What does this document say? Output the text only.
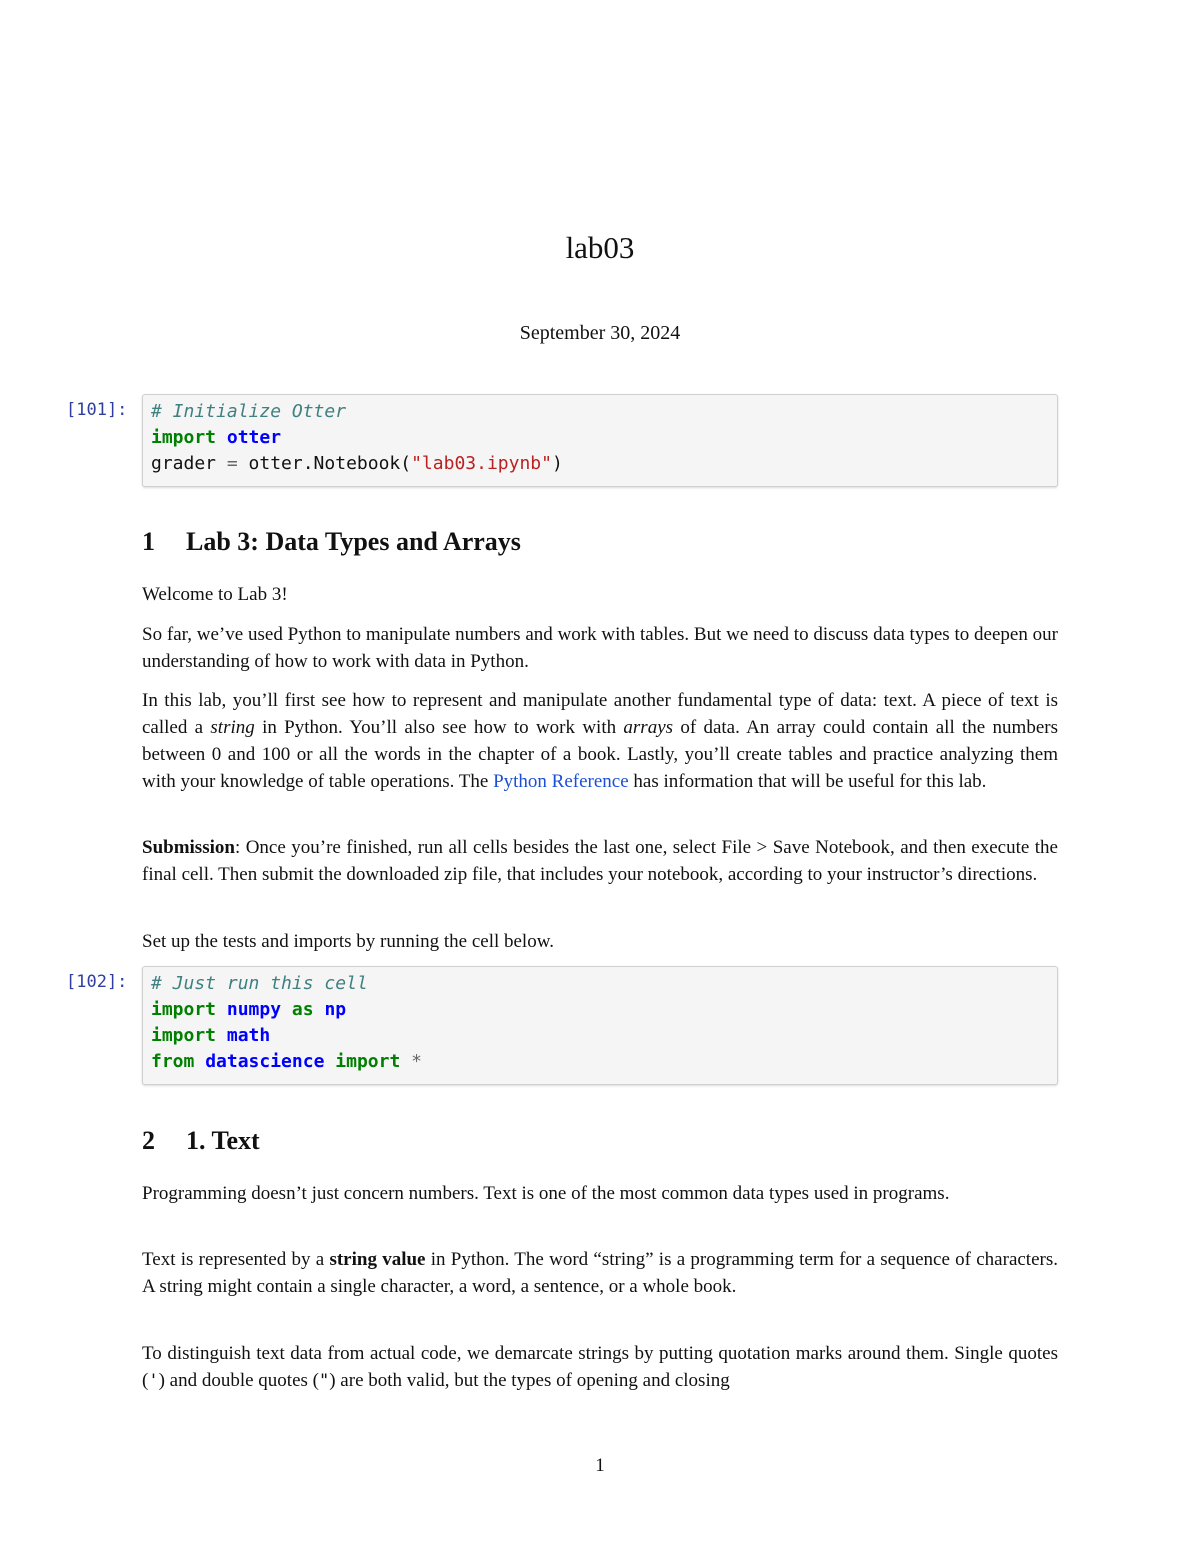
lab03
September 30, 2024
[101]:	# Initialize Otter
import otter
grader = otter.Notebook("lab03.ipynb")
1 Lab 3: Data Types and Arrays
Welcome to Lab 3!
So far, we’ve used Python to manipulate numbers and work with tables. But we need to discuss data types to deepen our understanding of how to work with data in Python.
In this lab, you’ll first see how to represent and manipulate another fundamental type of data: text. A piece of text is called a string in Python. You’ll also see how to work with arrays of data. An array could contain all the numbers between 0 and 100 or all the words in the chapter of a book. Lastly, you’ll create tables and practice analyzing them with your knowledge of table operations. The Python Reference has information that will be useful for this lab.
Submission: Once you’re finished, run all cells besides the last one, select File > Save Notebook, and then execute the final cell. Then submit the downloaded zip file, that includes your notebook, according to your instructor’s directions.
Set up the tests and imports by running the cell below.
[102]:	# Just run this cell
import numpy as np
import math
from datascience import *
2 1. Text
Programming doesn’t just concern numbers. Text is one of the most common data types used in programs.
Text is represented by a string value in Python. The word “string” is a programming term for a sequence of characters. A string might contain a single character, a word, a sentence, or a whole book.
To distinguish text data from actual code, we demarcate strings by putting quotation marks around them. Single quotes (') and double quotes (") are both valid, but the types of opening and closing
1
